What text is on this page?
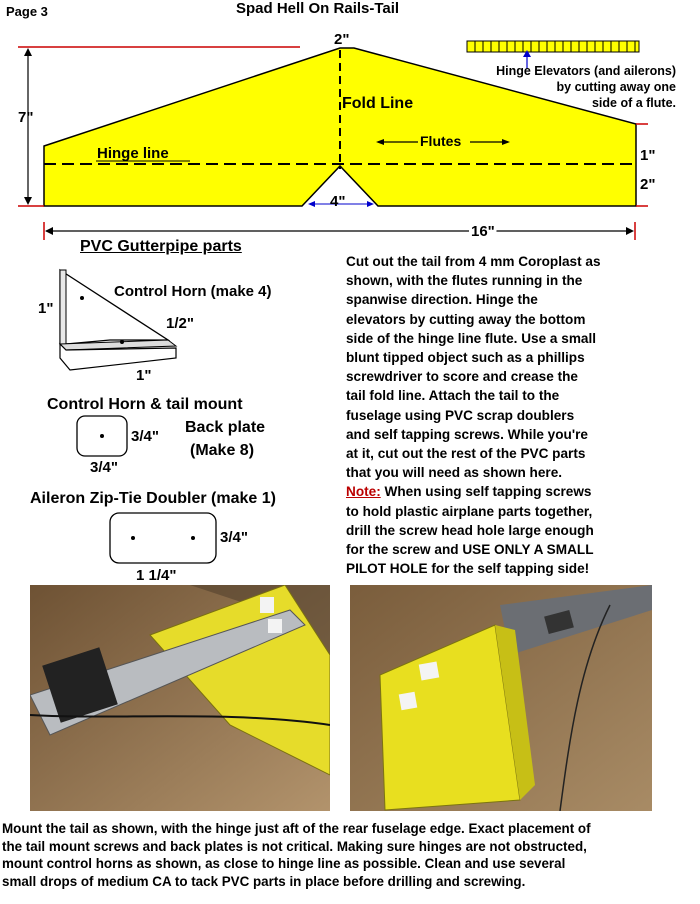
Page 3	Spad Hell On Rails-Tail
2"
7"
Fold Line
Flutes
Hinge line	1"
2"
4"
16"
Hinge Elevators (and ailerons)
by cutting away one
side of a flute.
PVC Gutterpipe parts
Control Horn (make 4)
1"
1/2"
1"
Control Horn & tail mount
3/4"
3/4"
Back plate
(Make 8)
Aileron Zip-Tie Doubler (make 1)
3/4"
1 1/4"
Cut out the tail from 4 mm Coroplast as
shown, with the flutes running in the
spanwise direction. Hinge the
elevators by cutting away the bottom
side of the hinge line flute. Use a small
blunt tipped object such as a phillips
screwdriver to score and crease the
tail fold line. Attach the tail to the
fuselage using PVC scrap doublers
and self tapping screws. While you're
at it, cut out the rest of the PVC parts
that you will need as shown here.
Note: When using self tapping screws
to hold plastic airplane parts together,
drill the screw head hole large enough
for the screw and USE ONLY A SMALL
PILOT HOLE for the self tapping side!
Mount the tail as shown, with the hinge just aft of the rear fuselage edge. Exact placement of
the tail mount screws and back plates is not critical. Making sure hinges are not obstructed,
mount control horns as shown, as close to hinge line as possible. Clean and use several
small drops of medium CA to tack PVC parts in place before drilling and screwing.
